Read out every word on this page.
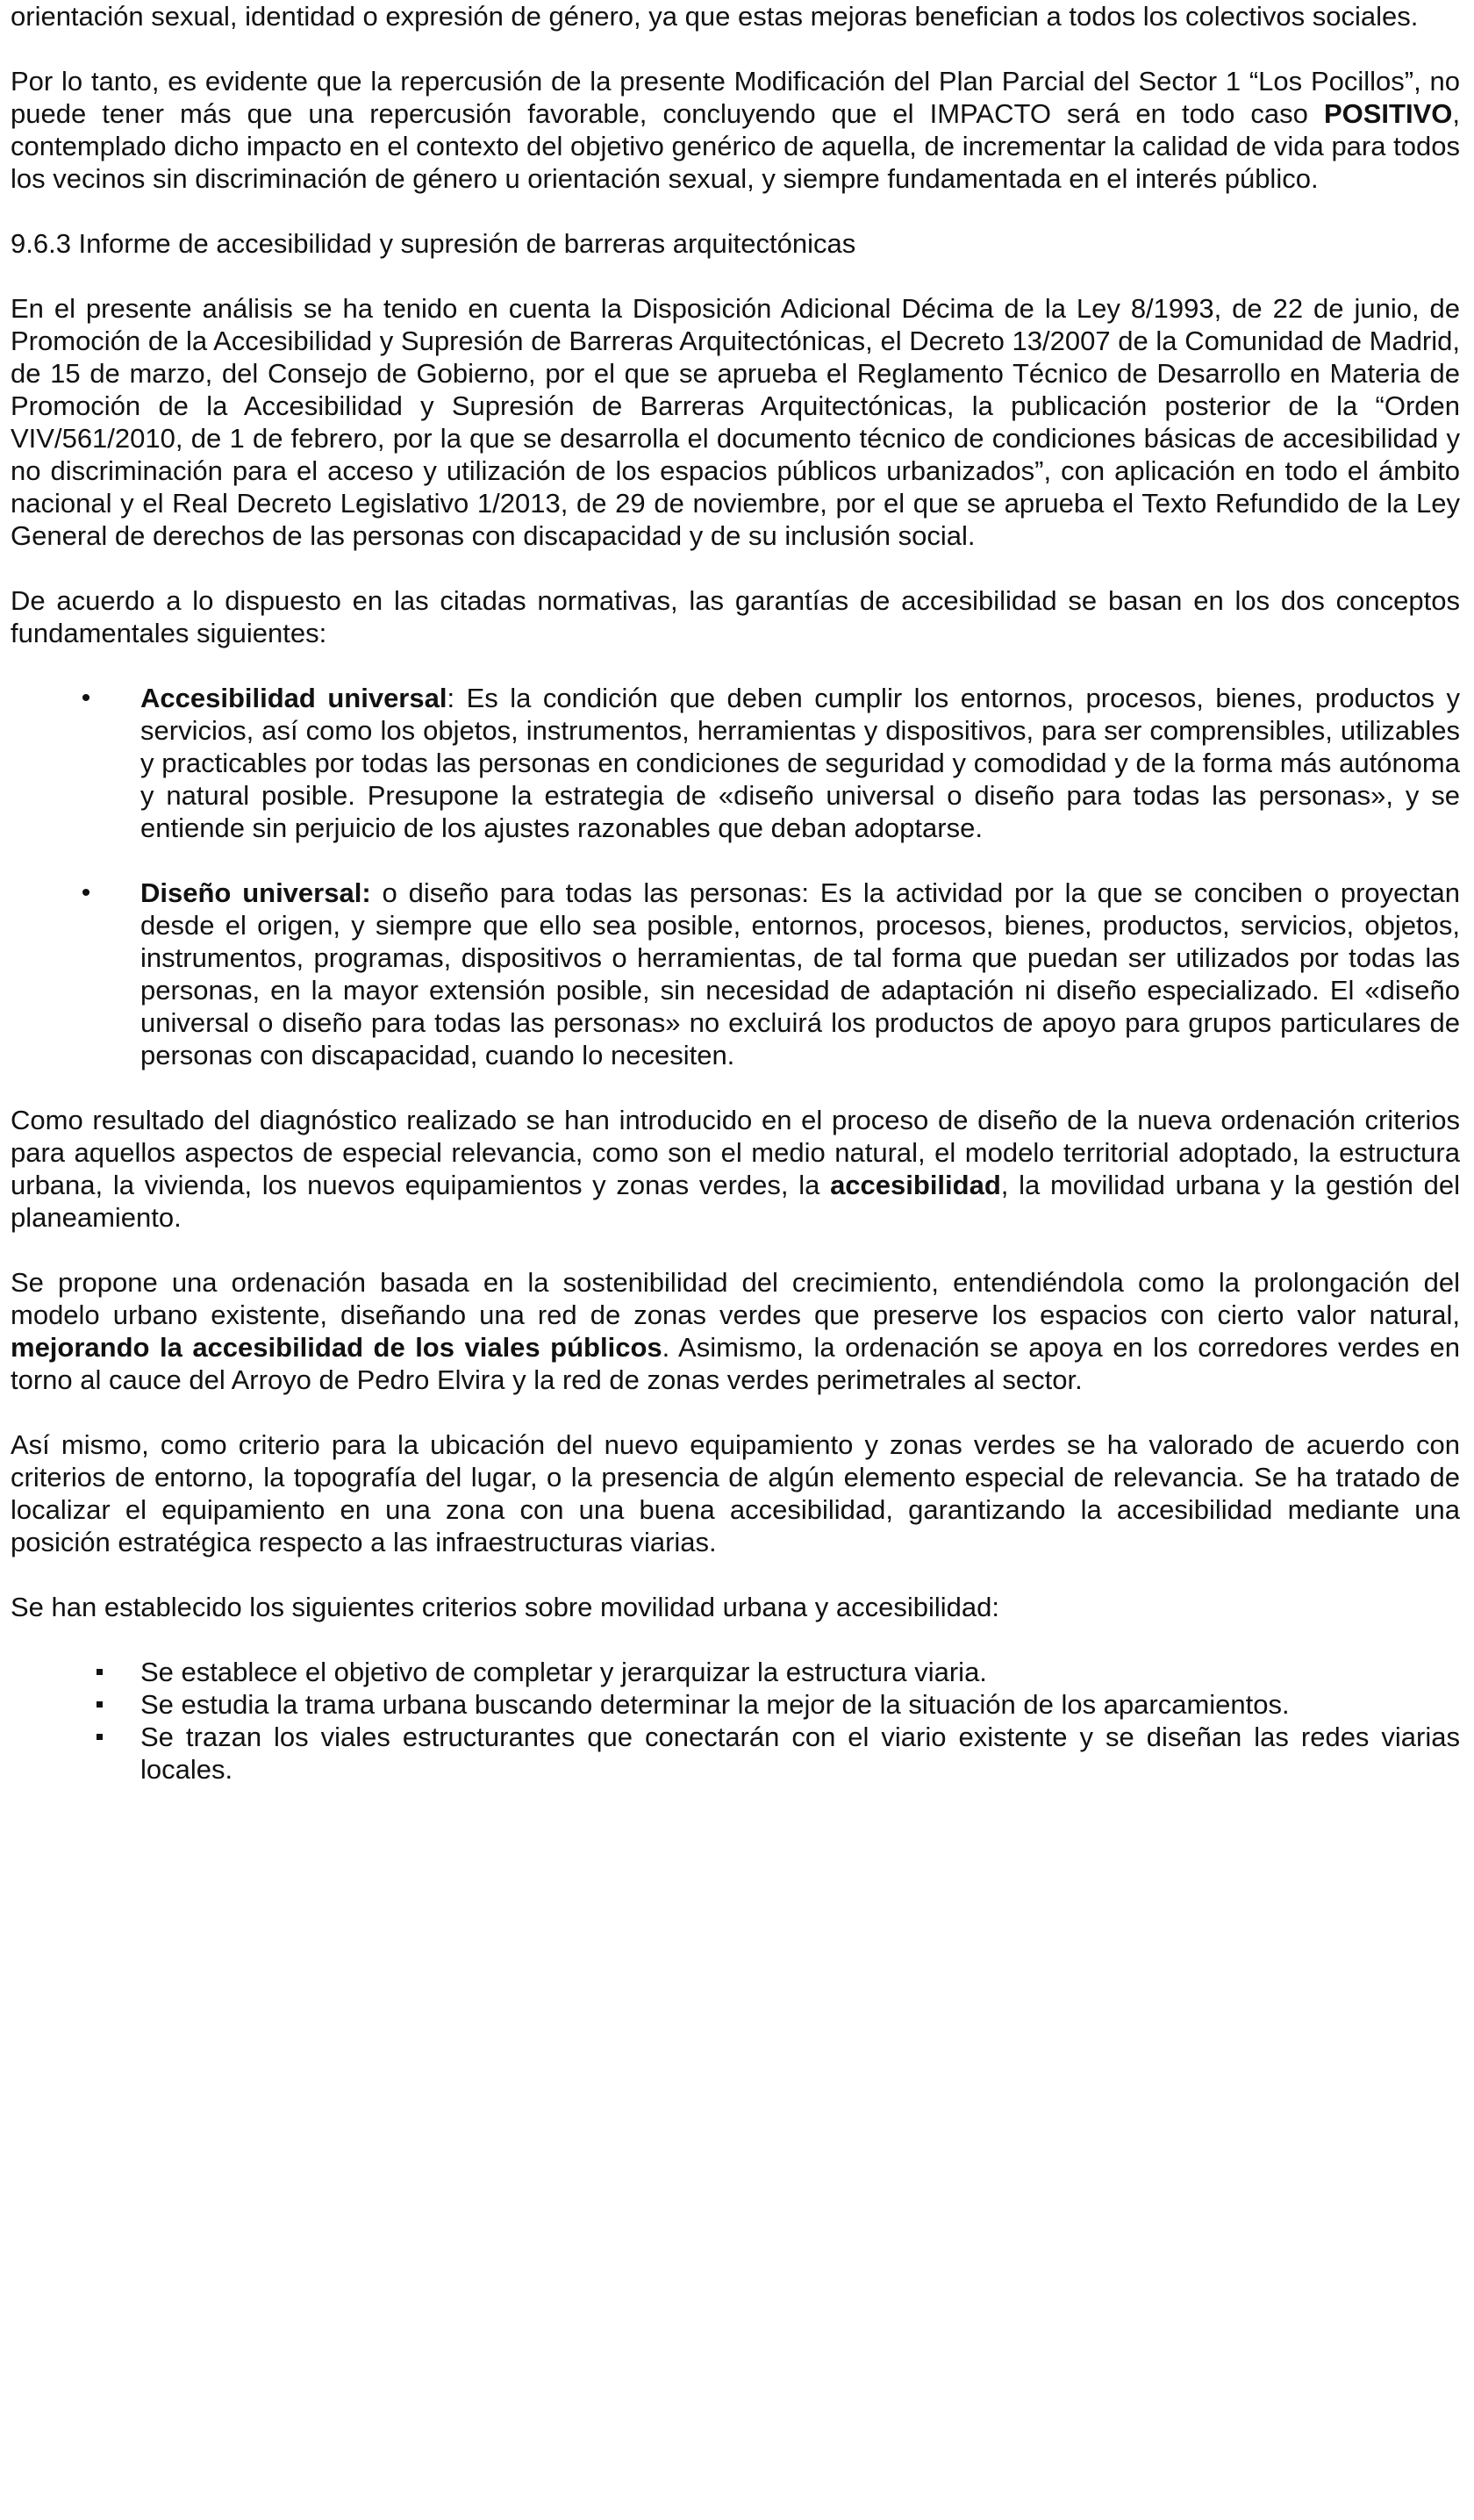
orientación sexual, identidad o expresión de género, ya que estas mejoras benefician a todos los colectivos sociales.

Por lo tanto, es evidente que la repercusión de la presente Modificación del Plan Parcial del Sector 1 “Los Pocillos”, no puede tener más que una repercusión favorable, concluyendo que el IMPACTO será en todo caso POSITIVO, contemplado dicho impacto en el contexto del objetivo genérico de aquella, de incrementar la calidad de vida para todos los vecinos sin discriminación de género u orientación sexual, y siempre fundamentada en el interés público.

9.6.3 Informe de accesibilidad y supresión de barreras arquitectónicas

En el presente análisis se ha tenido en cuenta la Disposición Adicional Décima de la Ley 8/1993, de 22 de junio, de Promoción de la Accesibilidad y Supresión de Barreras Arquitectónicas, el Decreto 13/2007 de la Comunidad de Madrid, de 15 de marzo, del Consejo de Gobierno, por el que se aprueba el Reglamento Técnico de Desarrollo en Materia de Promoción de la Accesibilidad y Supresión de Barreras Arquitectónicas, la publicación posterior de la “Orden VIV/561/2010, de 1 de febrero, por la que se desarrolla el documento técnico de condiciones básicas de accesibilidad y no discriminación para el acceso y utilización de los espacios públicos urbanizados”, con aplicación en todo el ámbito nacional y el Real Decreto Legislativo 1/2013, de 29 de noviembre, por el que se aprueba el Texto Refundido de la Ley General de derechos de las personas con discapacidad y de su inclusión social.

De acuerdo a lo dispuesto en las citadas normativas, las garantías de accesibilidad se basan en los dos conceptos fundamentales siguientes:

• Accesibilidad universal: Es la condición que deben cumplir los entornos, procesos, bienes, productos y servicios, así como los objetos, instrumentos, herramientas y dispositivos, para ser comprensibles, utilizables y practicables por todas las personas en condiciones de seguridad y comodidad y de la forma más autónoma y natural posible. Presupone la estrategia de «diseño universal o diseño para todas las personas», y se entiende sin perjuicio de los ajustes razonables que deban adoptarse.
• Diseño universal: o diseño para todas las personas: Es la actividad por la que se conciben o proyectan desde el origen, y siempre que ello sea posible, entornos, procesos, bienes, productos, servicios, objetos, instrumentos, programas, dispositivos o herramientas, de tal forma que puedan ser utilizados por todas las personas, en la mayor extensión posible, sin necesidad de adaptación ni diseño especializado. El «diseño universal o diseño para todas las personas» no excluirá los productos de apoyo para grupos particulares de personas con discapacidad, cuando lo necesiten.

Como resultado del diagnóstico realizado se han introducido en el proceso de diseño de la nueva ordenación criterios para aquellos aspectos de especial relevancia, como son el medio natural, el modelo territorial adoptado, la estructura urbana, la vivienda, los nuevos equipamientos y zonas verdes, la accesibilidad, la movilidad urbana y la gestión del planeamiento.

Se propone una ordenación basada en la sostenibilidad del crecimiento, entendiéndola como la prolongación del modelo urbano existente, diseñando una red de zonas verdes que preserve los espacios con cierto valor natural, mejorando la accesibilidad de los viales públicos. Asimismo, la ordenación se apoya en los corredores verdes en torno al cauce del Arroyo de Pedro Elvira y la red de zonas verdes perimetrales al sector.

Así mismo, como criterio para la ubicación del nuevo equipamiento y zonas verdes se ha valorado de acuerdo con criterios de entorno, la topografía del lugar, o la presencia de algún elemento especial de relevancia. Se ha tratado de localizar el equipamiento en una zona con una buena accesibilidad, garantizando la accesibilidad mediante una posición estratégica respecto a las infraestructuras viarias.

Se han establecido los siguientes criterios sobre movilidad urbana y accesibilidad:

Se establece el objetivo de completar y jerarquizar la estructura viaria.
Se estudia la trama urbana buscando determinar la mejor de la situación de los aparcamientos.
Se trazan los viales estructurantes que conectarán con el viario existente y se diseñan las redes viarias locales.
